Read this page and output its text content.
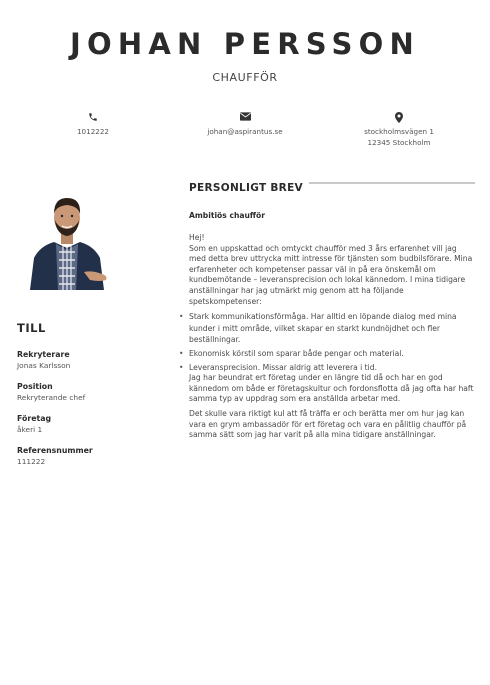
JOHAN PERSSON
CHAUFFÖR
1012222	johan@aspirantus.se	stockholmsvägen 1
12345 Stockholm
TILL
Rekryterare
Jonas Karlsson
Position
Rekryterande chef
Företag
åkeri 1
Referensnummer
111222
PERSONLIGT BREV
Ambitiös chaufför
Hej!

Som en uppskattad och omtyckt chaufför med 3 års erfarenhet vill jag med detta brev uttrycka mitt intresse för tjänsten som budbilsförare. Mina erfarenheter och kompetenser passar väl in på era önskemål om kundbemötande – leveransprecision och lokal kännedom. I mina tidigare anställningar har jag utmärkt mig genom att ha följande spetskompetenser:

• Stark kommunikationsförmåga. Har alltid en löpande dialog med mina kunder i mitt område, vilket skapar en starkt kundnöjdhet och fler beställningar.
• Ekonomisk körstil som sparar både pengar och material.
• Leveransprecision. Missar aldrig att leverera i tid.

Jag har beundrat ert företag under en längre tid då och har en god kännedom om både er företagskultur och fordonsflotta då jag ofta har haft samma typ av uppdrag som era anställda arbetar med.

Det skulle vara riktigt kul att få träffa er och berätta mer om hur jag kan vara en grym ambassadör för ert företag och vara en pålitlig chaufför på samma sätt som jag har varit på alla mina tidigare anställningar.
